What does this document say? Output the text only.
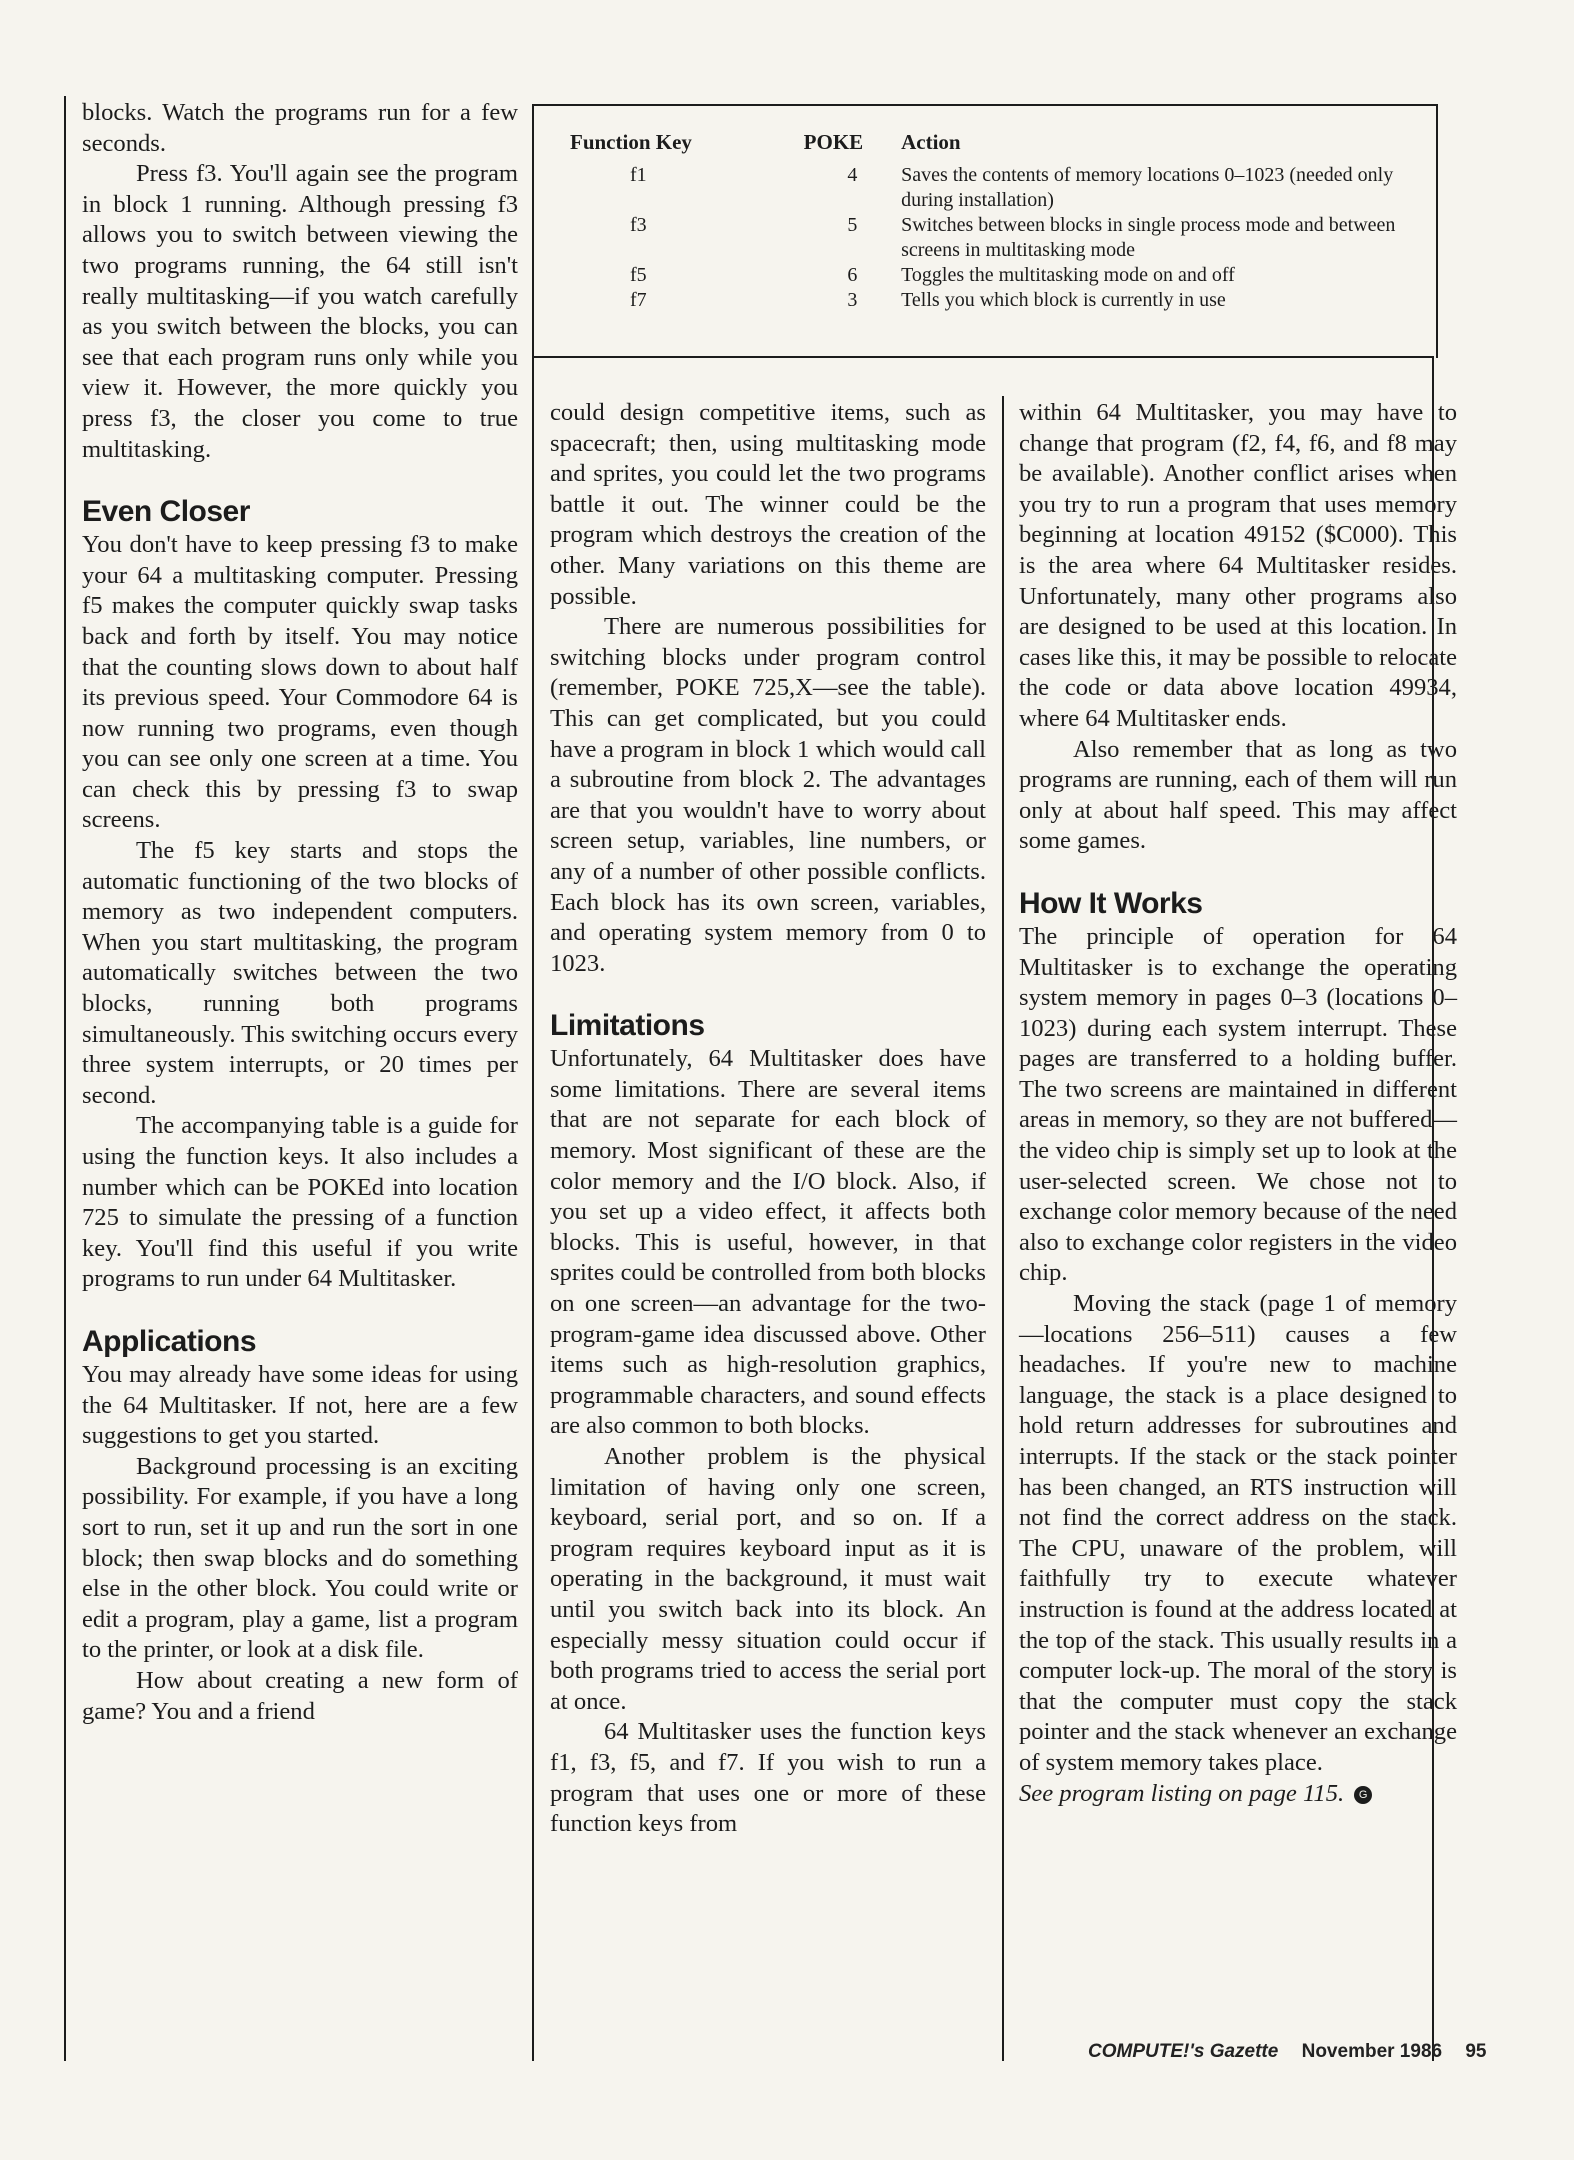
Function Key	POKE	Action
f1	4	Saves the contents of memory locations 0–1023 (needed only during installation)
f3	5	Switches between blocks in single process mode and between screens in multitasking mode
f5	6	Toggles the multitasking mode on and off
f7	3	Tells you which block is currently in use

blocks. Watch the programs run for a few seconds.

Press f3. You'll again see the program in block 1 running. Although pressing f3 allows you to switch between viewing the two programs running, the 64 still isn't really multitasking—if you watch carefully as you switch between the blocks, you can see that each program runs only while you view it. However, the more quickly you press f3, the closer you come to true multitasking.

Even Closer

You don't have to keep pressing f3 to make your 64 a multitasking computer. Pressing f5 makes the computer quickly swap tasks back and forth by itself. You may notice that the counting slows down to about half its previous speed. Your Commodore 64 is now running two programs, even though you can see only one screen at a time. You can check this by pressing f3 to swap screens.

The f5 key starts and stops the automatic functioning of the two blocks of memory as two independent computers. When you start multitasking, the program automatically switches between the two blocks, running both programs simultaneously. This switching occurs every three system interrupts, or 20 times per second.

The accompanying table is a guide for using the function keys. It also includes a number which can be POKEd into location 725 to simulate the pressing of a function key. You'll find this useful if you write programs to run under 64 Multitasker.

Applications

You may already have some ideas for using the 64 Multitasker. If not, here are a few suggestions to get you started.

Background processing is an exciting possibility. For example, if you have a long sort to run, set it up and run the sort in one block; then swap blocks and do something else in the other block. You could write or edit a program, play a game, list a program to the printer, or look at a disk file.

How about creating a new form of game? You and a friend

could design competitive items, such as spacecraft; then, using multitasking mode and sprites, you could let the two programs battle it out. The winner could be the program which destroys the creation of the other. Many variations on this theme are possible.

There are numerous possibilities for switching blocks under program control (remember, POKE 725,X—see the table). This can get complicated, but you could have a program in block 1 which would call a subroutine from block 2. The advantages are that you wouldn't have to worry about screen setup, variables, line numbers, or any of a number of other possible conflicts. Each block has its own screen, variables, and operating system memory from 0 to 1023.

Limitations

Unfortunately, 64 Multitasker does have some limitations. There are several items that are not separate for each block of memory. Most significant of these are the color memory and the I/O block. Also, if you set up a video effect, it affects both blocks. This is useful, however, in that sprites could be controlled from both blocks on one screen—an advantage for the two-program-game idea discussed above. Other items such as high-resolution graphics, programmable characters, and sound effects are also common to both blocks.

Another problem is the physical limitation of having only one screen, keyboard, serial port, and so on. If a program requires keyboard input as it is operating in the background, it must wait until you switch back into its block. An especially messy situation could occur if both programs tried to access the serial port at once.

64 Multitasker uses the function keys f1, f3, f5, and f7. If you wish to run a program that uses one or more of these function keys from

within 64 Multitasker, you may have to change that program (f2, f4, f6, and f8 may be available). Another conflict arises when you try to run a program that uses memory beginning at location 49152 ($C000). This is the area where 64 Multitasker resides. Unfortunately, many other programs also are designed to be used at this location. In cases like this, it may be possible to relocate the code or data above location 49934, where 64 Multitasker ends.

Also remember that as long as two programs are running, each of them will run only at about half speed. This may affect some games.

How It Works

The principle of operation for 64 Multitasker is to exchange the operating system memory in pages 0–3 (locations 0–1023) during each system interrupt. These pages are transferred to a holding buffer. The two screens are maintained in different areas in memory, so they are not buffered—the video chip is simply set up to look at the user-selected screen. We chose not to exchange color memory because of the need also to exchange color registers in the video chip.

Moving the stack (page 1 of memory—locations 256–511) causes a few headaches. If you're new to machine language, the stack is a place designed to hold return addresses for subroutines and interrupts. If the stack or the stack pointer has been changed, an RTS instruction will not find the correct address on the stack. The CPU, unaware of the problem, will faithfully try to execute whatever instruction is found at the address located at the top of the stack. This usually results in a computer lock-up. The moral of the story is that the computer must copy the stack pointer and the stack whenever an exchange of system memory takes place.

See program listing on page 115. G

COMPUTE!'s Gazette November 1986 95
